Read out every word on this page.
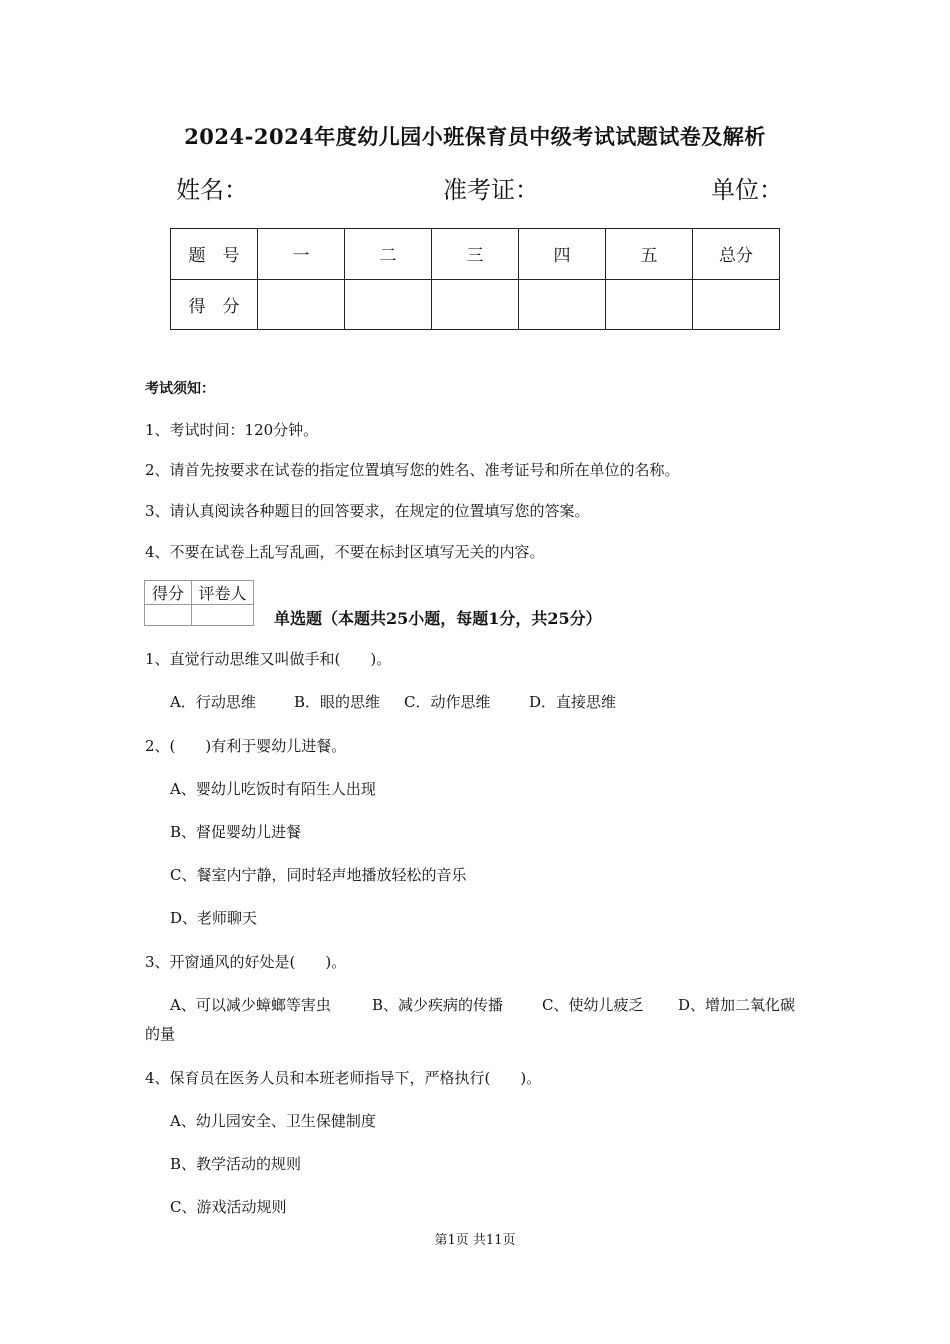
2024-2024年度幼儿园小班保育员中级考试试题试卷及解析
姓名：	准考证：	单位：
题　号	一	二	三	四	五	总分
得　分						
考试须知：
1、考试时间：120分钟。
2、请首先按要求在试卷的指定位置填写您的姓名、准考证号和所在单位的名称。
3、请认真阅读各种题目的回答要求，在规定的位置填写您的答案。
4、不要在试卷上乱写乱画，不要在标封区填写无关的内容。
得分	评卷人

单选题（本题共25小题，每题1分，共25分）
1、直觉行动思维又叫做手和(　　)。
A．行动思维	B．眼的思维 C．动作思维	D．直接思维
2、(　　)有利于婴幼儿进餐。
A、婴幼儿吃饭时有陌生人出现
B、督促婴幼儿进餐
C、餐室内宁静，同时轻声地播放轻松的音乐
D、老师聊天
3、开窗通风的好处是(　　)。
A、可以减少蟑螂等害虫	B、减少疾病的传播	C、使幼儿疲乏 D、增加二氧化碳
的量
4、保育员在医务人员和本班老师指导下，严格执行(　　)。
A、幼儿园安全、卫生保健制度
B、教学活动的规则
C、游戏活动规则
第1页 共11页
